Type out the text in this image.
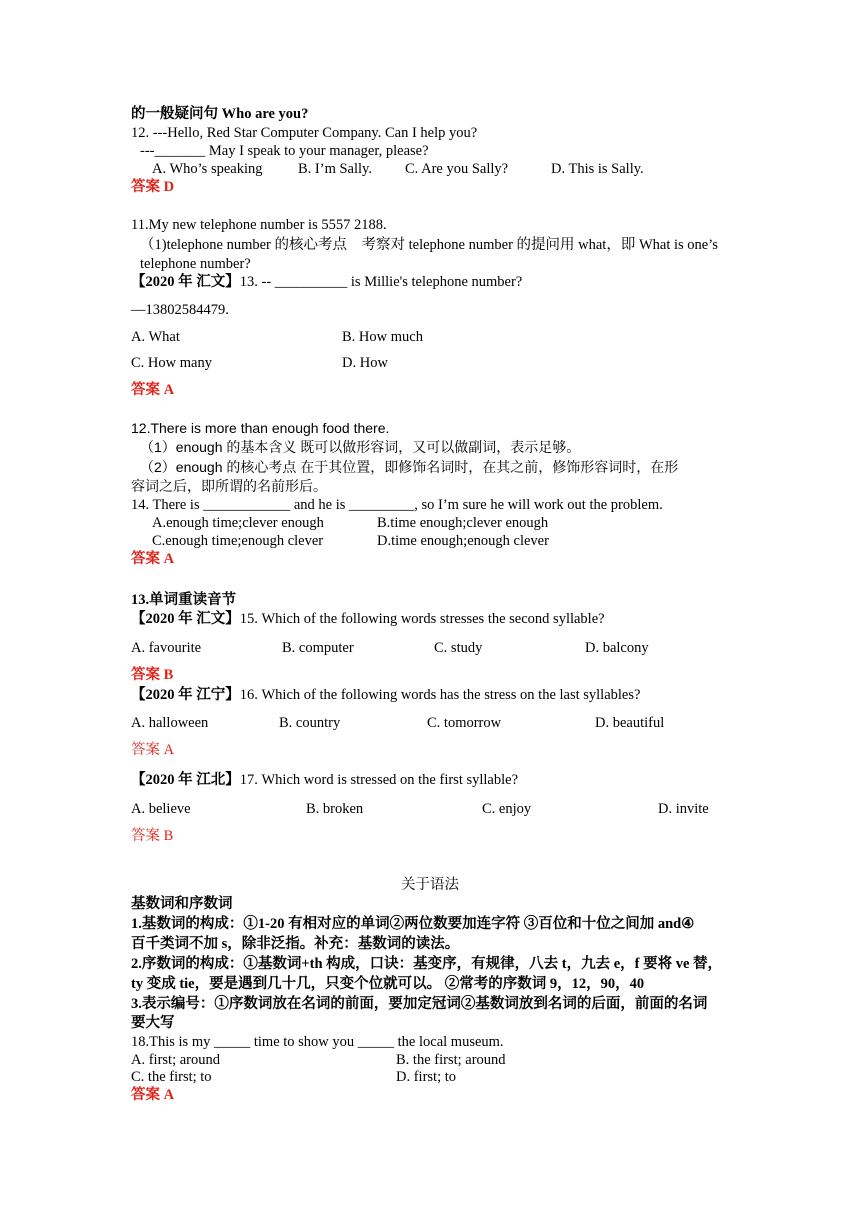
的一般疑问句 Who are you?
12. ---Hello, Red Star Computer Company. Can I help you?
---_______ May I speak to your manager, please?
A. Who’s speaking B. I’m Sally. C. Are you Sally?	D. This is Sally.
答案 D
11.My new telephone number is 5557 2188.
（1)telephone number 的核心考点　考察对 telephone number 的提问用 what，即 What is one’s
telephone number?
【2020 年 汇文】13. -- __________ is Millie's telephone number?
—13802584479.
A. What	B. How much
C. How many	D. How
答案 A
12.There is more than enough food there.
（1）enough 的基本含义 既可以做形容词，又可以做副词，表示足够。
（2）enough 的核心考点 在于其位置，即修饰名词时，在其之前，修饰形容词时，在形
容词之后，即所谓的名前形后。
14. There is ____________ and he is _________, so I’m sure he will work out the problem.
A.enough time;clever enough	B.time enough;clever enough
C.enough time;enough clever	D.time enough;enough clever
答案 A
13.单词重读音节
【2020 年 汇文】15. Which of the following words stresses the second syllable?
A. favourite	B. computer	C. study	D. balcony
答案 B
【2020 年 江宁】16. Which of the following words has the stress on the last syllables?
A. halloween	B. country	C. tomorrow	D. beautiful
答案 A
【2020 年 江北】17. Which word is stressed on the first syllable?
A. believe	B. broken	C. enjoy	D. invite
答案 B
关于语法
基数词和序数词
1.基数词的构成：①1-20 有相对应的单词②两位数要加连字符 ③百位和十位之间加 and④
百千类词不加 s，除非泛指。补充：基数词的读法。
2.序数词的构成：①基数词+th 构成，口诀：基变序，有规律，八去 t，九去 e，f 要将 ve 替，
ty 变成 tie，要是遇到几十几，只变个位就可以。 ②常考的序数词 9，12，90，40
3.表示编号：①序数词放在名词的前面，要加定冠词②基数词放到名词的后面，前面的名词
要大写
18.This is my _____ time to show you _____ the local museum.
A. first; around	B. the first; around
C. the first; to	D. first; to
答案 A
